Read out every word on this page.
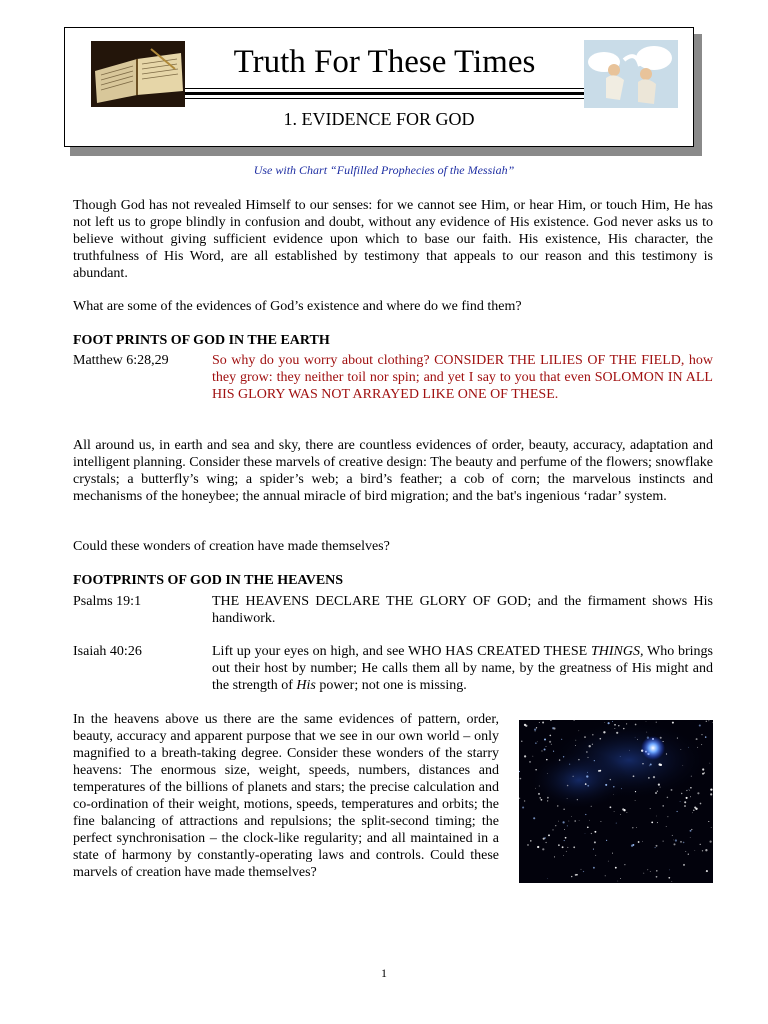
Truth For These Times
1. EVIDENCE FOR GOD
Use with Chart “Fulfilled Prophecies of the Messiah”

Though God has not revealed Himself to our senses: for we cannot see Him, or hear Him, or touch Him, He has not left us to grope blindly in confusion and doubt, without any evidence of His existence. God never asks us to believe without giving sufficient evidence upon which to base our faith. His existence, His character, the truthfulness of His Word, are all established by testimony that appeals to our reason and this testimony is abundant.

What are some of the evidences of God’s existence and where do we find them?

FOOT PRINTS OF GOD IN THE EARTH

Matthew 6:28,29	So why do you worry about clothing? CONSIDER THE LILIES OF THE FIELD, how they grow: they neither toil nor spin; and yet I say to you that even SOLOMON IN ALL HIS GLORY WAS NOT ARRAYED LIKE ONE OF THESE.

All around us, in earth and sea and sky, there are countless evidences of order, beauty, accuracy, adaptation and intelligent planning. Consider these marvels of creative design: The beauty and perfume of the flowers; snowflake crystals; a butterfly’s wing; a spider’s web; a bird’s feather; a cob of corn; the marvelous instincts and mechanisms of the honeybee; the annual miracle of bird migration; and the bat's ingenious ‘radar’ system.

Could these wonders of creation have made themselves?

FOOTPRINTS OF GOD IN THE HEAVENS

Psalms 19:1	THE HEAVENS DECLARE THE GLORY OF GOD; and the firmament shows His handiwork.

Isaiah 40:26	Lift up your eyes on high, and see WHO HAS CREATED THESE THINGS, Who brings out their host by number; He calls them all by name, by the greatness of His might and the strength of His power; not one is missing.

In the heavens above us there are the same evidences of pattern, order, beauty, accuracy and apparent purpose that we see in our own world – only magnified to a breath-taking degree. Consider these wonders of the starry heavens: The enormous size, weight, speeds, numbers, distances and temperatures of the billions of planets and stars; the precise calculation and co-ordination of their weight, motions, speeds, temperatures and orbits; the fine balancing of attractions and repulsions; the split-second timing; the perfect synchronisation – the clock-like regularity; and all maintained in a state of harmony by constantly-operating laws and controls. Could these marvels of creation have made themselves?

1
